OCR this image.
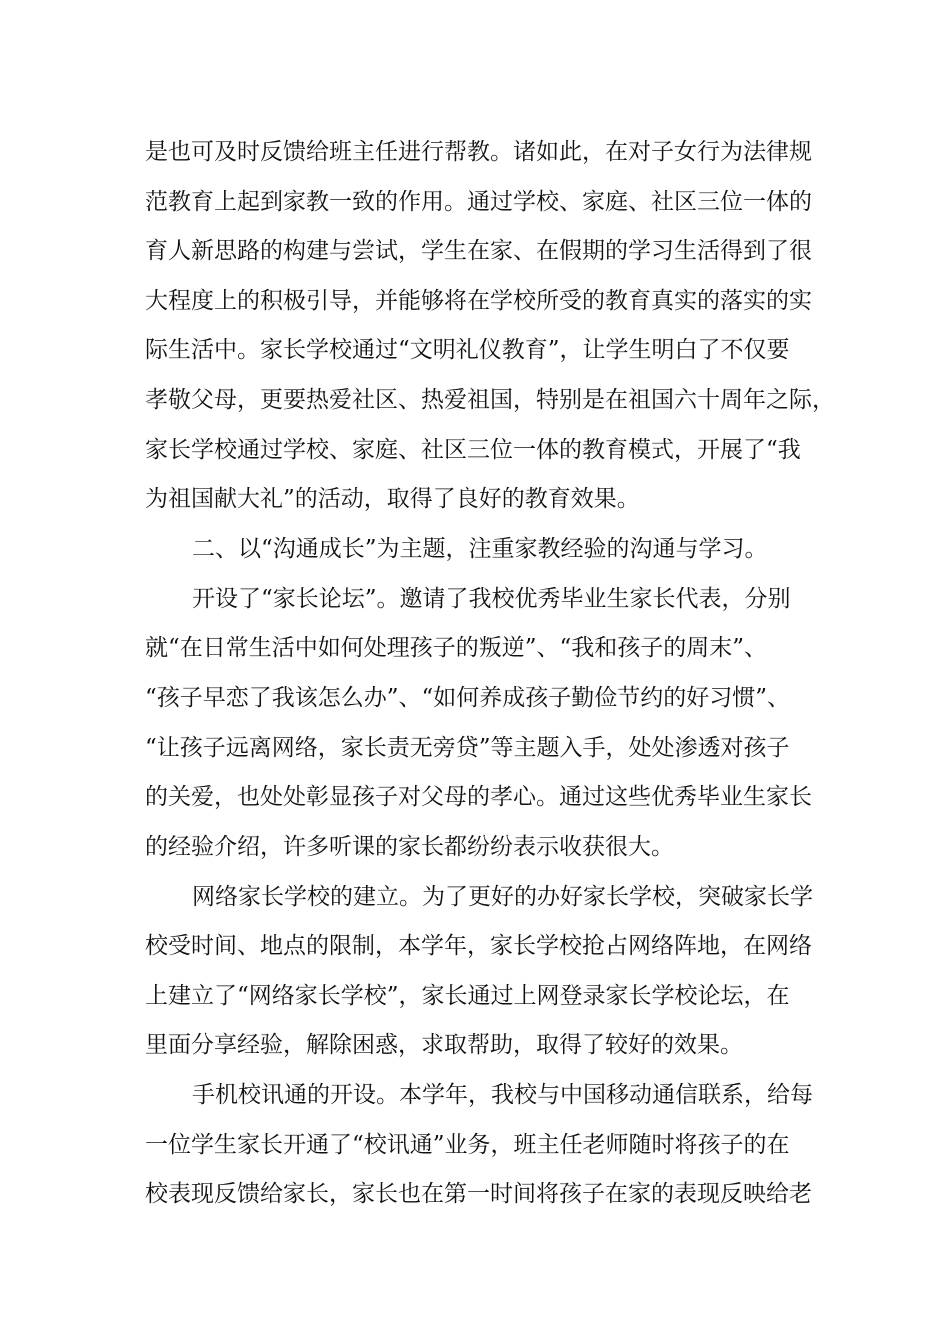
是也可及时反馈给班主任进行帮教。诸如此，在对子女行为法律规
范教育上起到家教一致的作用。通过学校、家庭、社区三位一体的
育人新思路的构建与尝试，学生在家、在假期的学习生活得到了很
大程度上的积极引导，并能够将在学校所受的教育真实的落实的实
际生活中。家长学校通过“文明礼仪教育”，让学生明白了不仅要
孝敬父母，更要热爱社区、热爱祖国，特别是在祖国六十周年之际，
家长学校通过学校、家庭、社区三位一体的教育模式，开展了“我
为祖国献大礼”的活动，取得了良好的教育效果。
二、以“沟通成长”为主题，注重家教经验的沟通与学习。
开设了“家长论坛”。邀请了我校优秀毕业生家长代表，分别
就“在日常生活中如何处理孩子的叛逆”、“我和孩子的周末”、
“孩子早恋了我该怎么办”、“如何养成孩子勤俭节约的好习惯”、
“让孩子远离网络，家长责无旁贷”等主题入手，处处渗透对孩子
的关爱，也处处彰显孩子对父母的孝心。通过这些优秀毕业生家长
的经验介绍，许多听课的家长都纷纷表示收获很大。
网络家长学校的建立。为了更好的办好家长学校，突破家长学
校受时间、地点的限制，本学年，家长学校抢占网络阵地，在网络
上建立了“网络家长学校”，家长通过上网登录家长学校论坛，在
里面分享经验，解除困惑，求取帮助，取得了较好的效果。
手机校讯通的开设。本学年，我校与中国移动通信联系，给每
一位学生家长开通了“校讯通”业务，班主任老师随时将孩子的在
校表现反馈给家长，家长也在第一时间将孩子在家的表现反映给老
